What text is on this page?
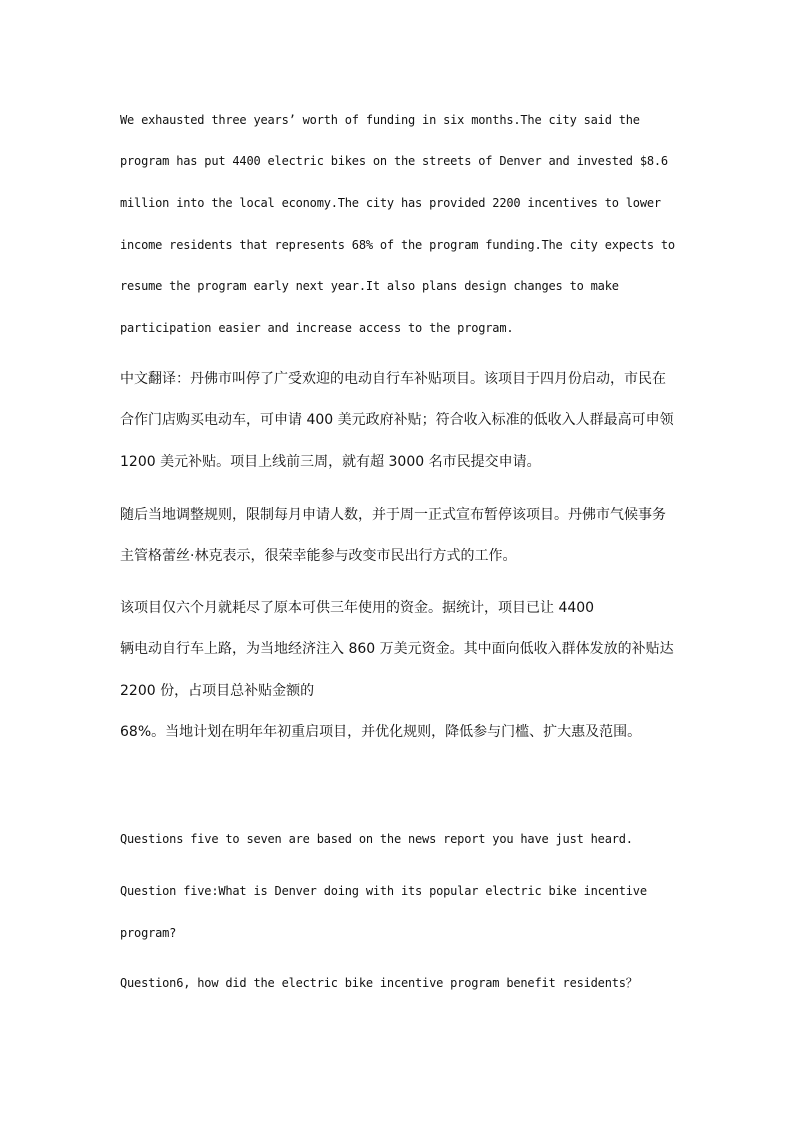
We exhausted three years’ worth of funding in six months.The city said the
program has put 4400 electric bikes on the streets of Denver and invested $8.6
million into the local economy.The city has provided 2200 incentives to lower
income residents that represents 68% of the program funding.The city expects to
resume the program early next year.It also plans design changes to make
participation easier and increase access to the program.
中文翻译：丹佛市叫停了广受欢迎的电动自行车补贴项目。该项目于四月份启动，市民在
合作门店购买电动车，可申请 400 美元政府补贴；符合收入标准的低收入人群最高可申领
1200 美元补贴。项目上线前三周，就有超 3000 名市民提交申请。
随后当地调整规则，限制每月申请人数，并于周一正式宣布暂停该项目。丹佛市气候事务
主管格蕾丝·林克表示，很荣幸能参与改变市民出行方式的工作。
该项目仅六个月就耗尽了原本可供三年使用的资金。据统计，项目已让 4400
辆电动自行车上路，为当地经济注入 860 万美元资金。其中面向低收入群体发放的补贴达
2200 份，占项目总补贴金额的
68%。当地计划在明年年初重启项目，并优化规则，降低参与门槛、扩大惠及范围。
Questions five to seven are based on the news report you have just heard.
Question five:What is Denver doing with its popular electric bike incentive
program?
Question6, how did the electric bike incentive program benefit residents？
